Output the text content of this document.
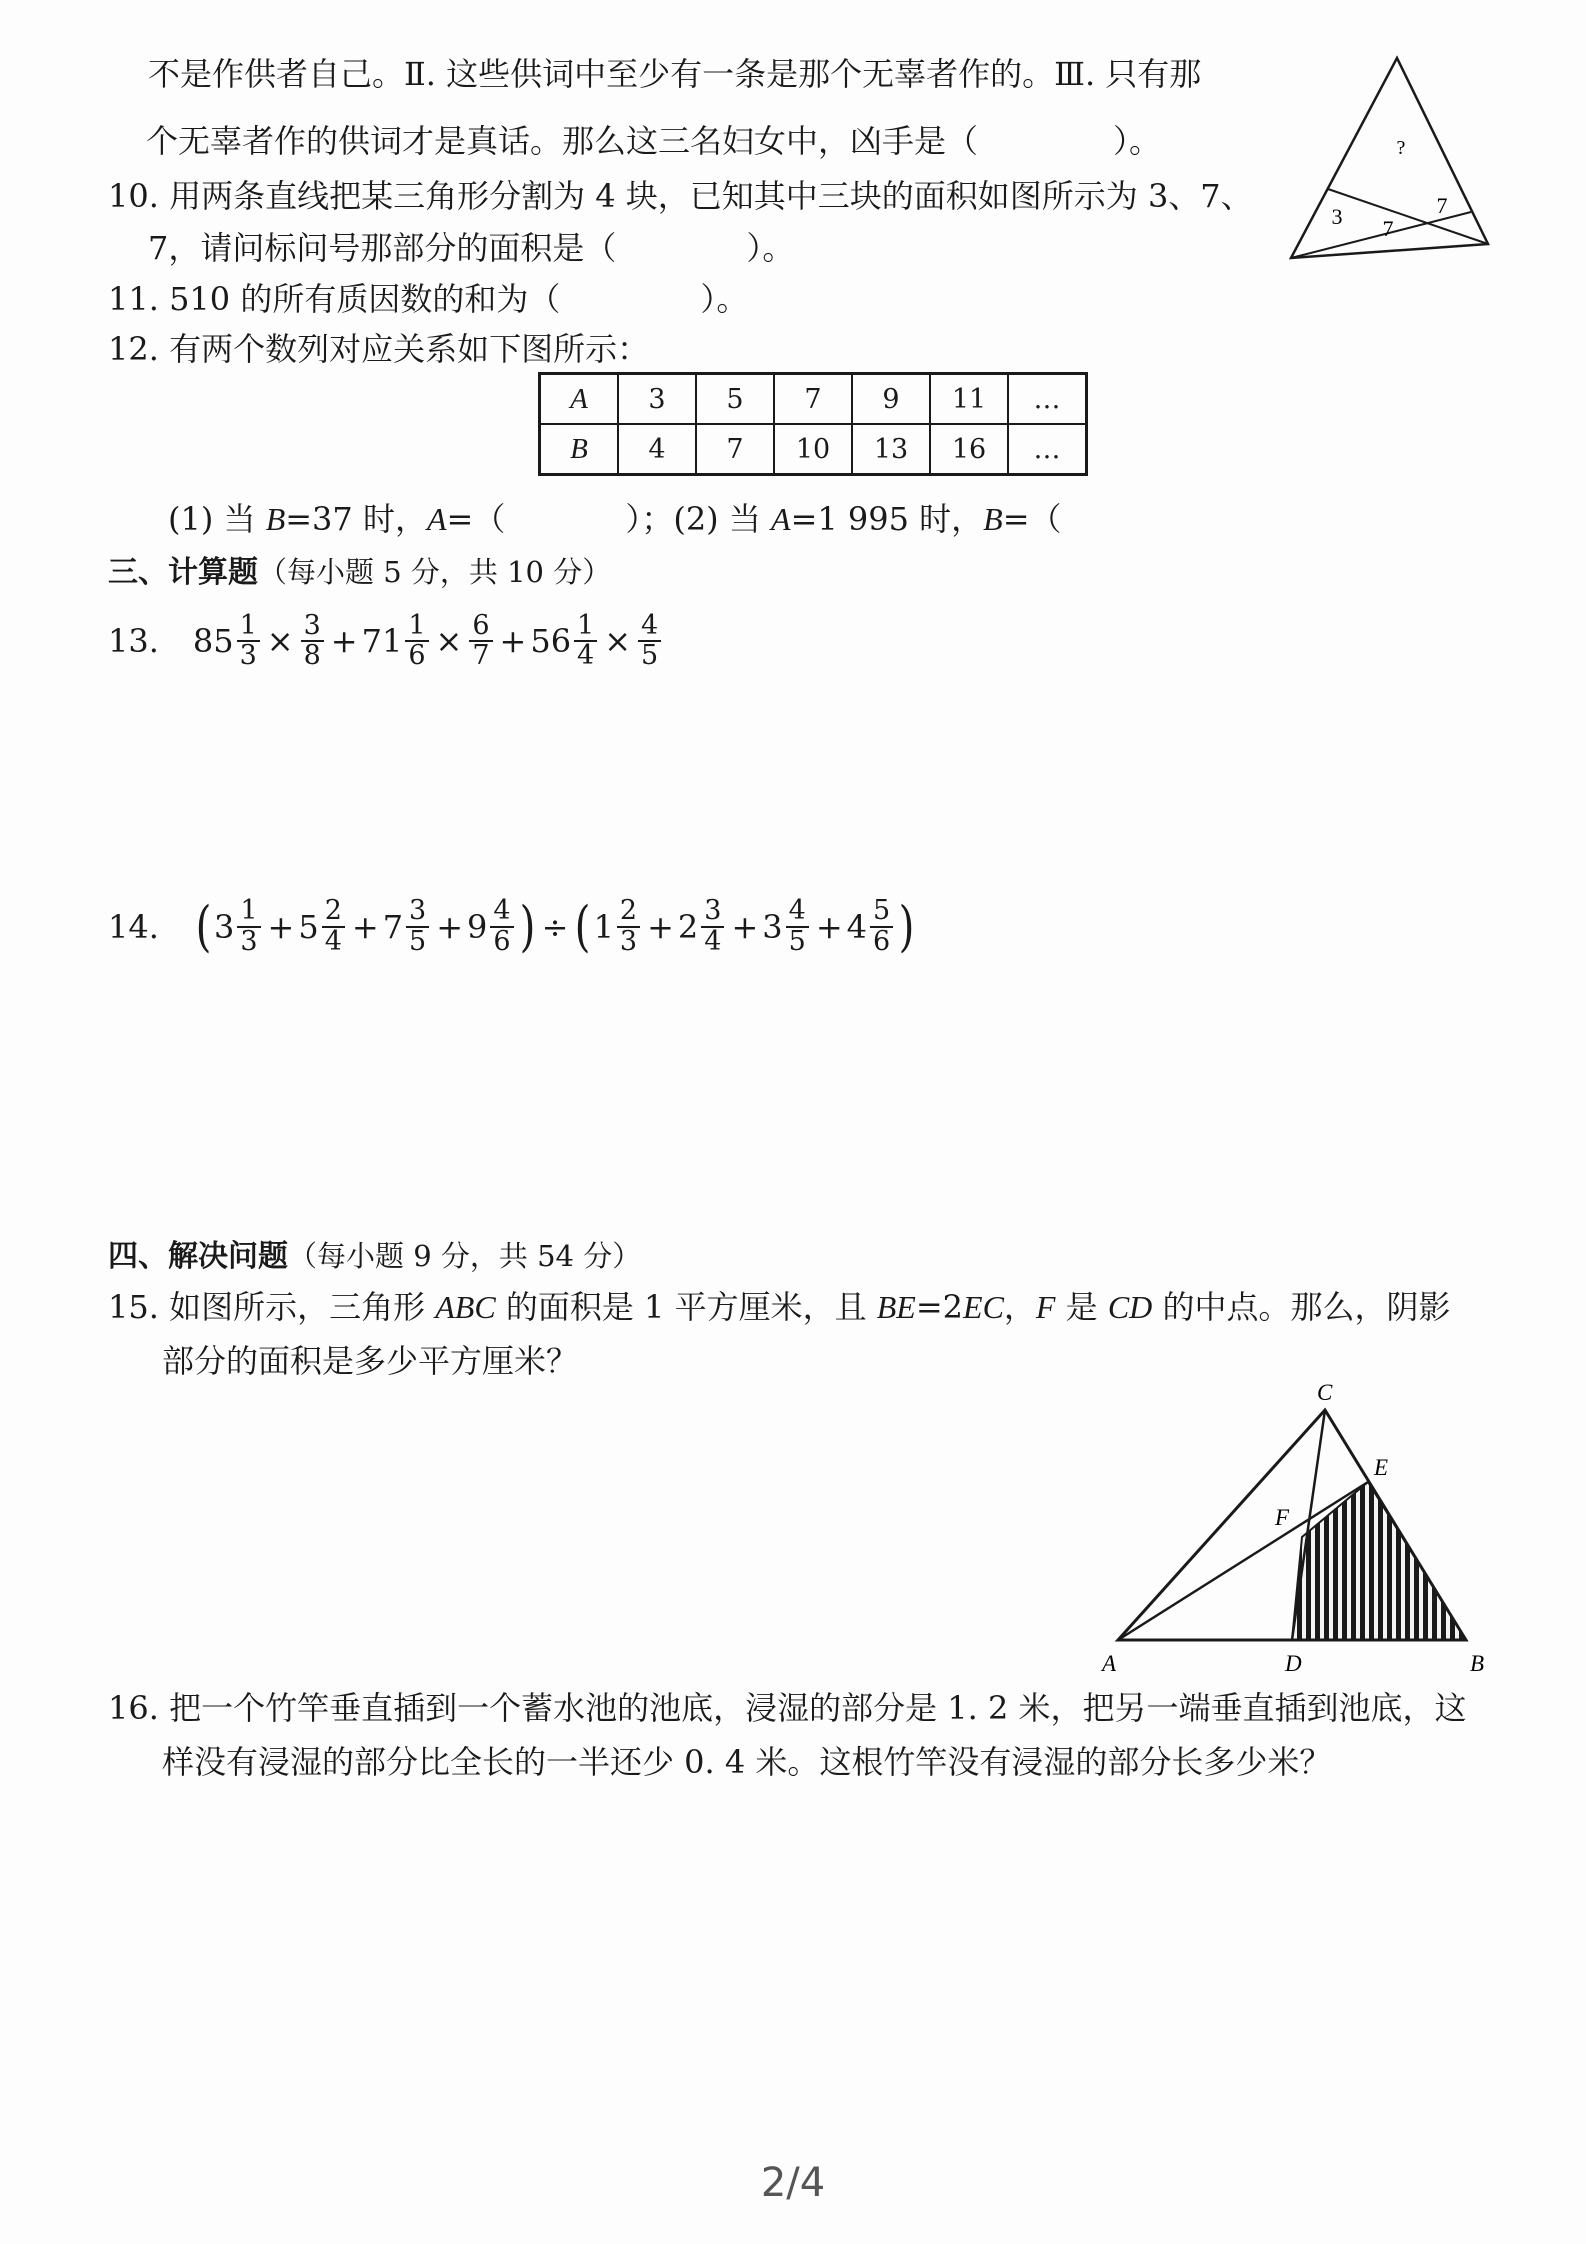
不是作供者自己。Ⅱ. 这些供词中至少有一条是那个无辜者作的。Ⅲ. 只有那
个无辜者作的供词才是真话。那么这三名妇女中，凶手是（	）。
10. 用两条直线把某三角形分割为 4 块，已知其中三块的面积如图所示为 3、7、
7，请问标问号那部分的面积是（	）。
?
3	7
7
11. 510 的所有质因数的和为（	）。
12. 有两个数列对应关系如下图所示：
A	3	5	7	9	11	…
B	4	7	10	13	16	…
(1) 当 B=37 时，A=（	）；(2) 当 A=1 995 时，B=（
三、计算题（每小题 5 分，共 10 分）
13. $85 \frac{1}{3} \times \frac{3}{8} + 71 \frac{1}{6} \times \frac{6}{7} + 56 \frac{1}{4} \times \frac{4}{5}$
14. ( $3 \frac{1}{3} + 5 \frac{2}{4} + 7 \frac{3}{5} + 9 \frac{4}{6}$ ) ÷ ( $1 \frac{2}{3} + 2 \frac{3}{4} + 3 \frac{4}{5} + 4 \frac{5}{6}$ )
四、解决问题（每小题 9 分，共 54 分）
15. 如图所示，三角形 ABC 的面积是 1 平方厘米，且 BE=2EC，F 是 CD 的中点。那么，阴影
部分的面积是多少平方厘米？
C
E
F
A	D	B
16. 把一个竹竿垂直插到一个蓄水池的池底，浸湿的部分是 1. 2 米，把另一端垂直插到池底，这
样没有浸湿的部分比全长的一半还少 0. 4 米。这根竹竿没有浸湿的部分长多少米？
2/4
